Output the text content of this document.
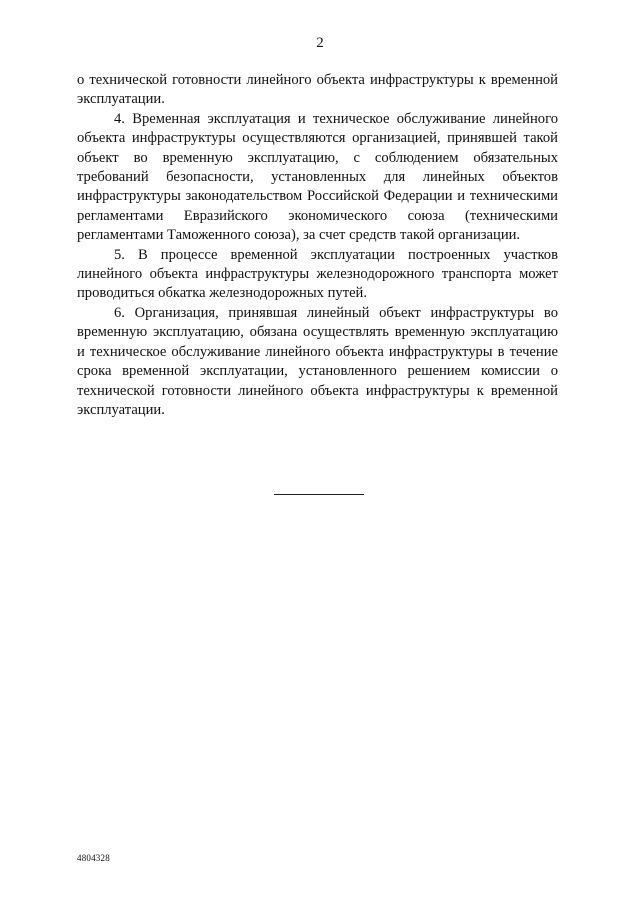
2

о технической готовности линейного объекта инфраструктуры к временной эксплуатации.

4. Временная эксплуатация и техническое обслуживание линейного объекта инфраструктуры осуществляются организацией, принявшей такой объект во временную эксплуатацию, с соблюдением обязательных требований безопасности, установленных для линейных объектов инфраструктуры законодательством Российской Федерации и техническими регламентами Евразийского экономического союза (техническими регламентами Таможенного союза), за счет средств такой организации.

5. В процессе временной эксплуатации построенных участков линейного объекта инфраструктуры железнодорожного транспорта может проводиться обкатка железнодорожных путей.

6. Организация, принявшая линейный объект инфраструктуры во временную эксплуатацию, обязана осуществлять временную эксплуатацию и техническое обслуживание линейного объекта инфраструктуры в течение срока временной эксплуатации, установленного решением комиссии о технической готовности линейного объекта инфраструктуры к временной эксплуатации.

4804328
